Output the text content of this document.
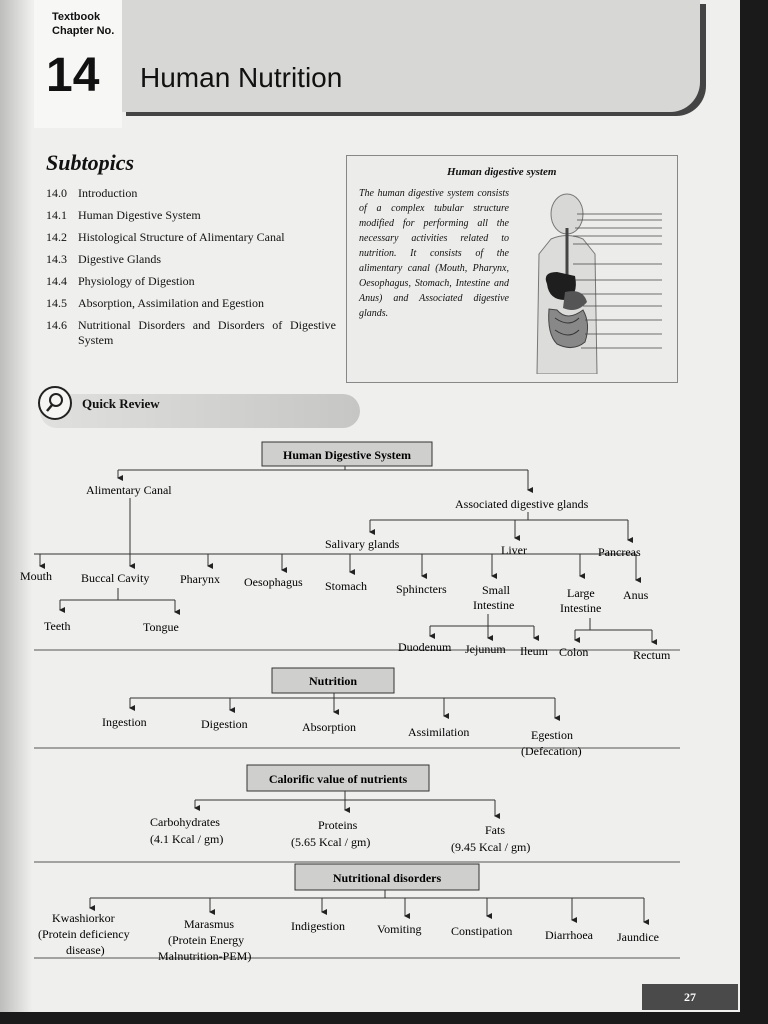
Textbook Chapter No.
14 Human Nutrition
Subtopics
14.0 Introduction
14.1 Human Digestive System
14.2 Histological Structure of Alimentary Canal
14.3 Digestive Glands
14.4 Physiology of Digestion
14.5 Absorption, Assimilation and Egestion
14.6 Nutritional Disorders and Disorders of Digestive System
Human digestive system
The human digestive system consists of a complex tubular structure modified for performing all the necessary activities related to nutrition. It consists of the alimentary canal (Mouth, Pharynx, Oesophagus, Stomach, Intestine and Anus) and Associated digestive glands.
Quick Review
Human Digestive System
Nutrition
Calorific value of nutrients
Nutritional disorders
Alimentary Canal
Associated digestive glands
Salivary glands	Liver	Pancreas
Mouth Buccal Cavity	Pharynx Oesophagus Stomach Sphincters	Small
Intestine
Large
Intestine
Anus
Teeth	Tongue
Duodenum Jejunum Ileum Colon	Rectum
Ingestion	Digestion	Absorption	Assimilation	Egestion
(Defecation)
Carbohydrates
(4.1 Kcal / gm)
Proteins
(5.65 Kcal / gm)
Fats
(9.45 Kcal / gm)
Kwashiorkor
(Protein deficiency
disease)
Marasmus
(Protein Energy
Malnutrition-PEM)
Indigestion	Vomiting Constipation	Diarrhoea Jaundice
27
